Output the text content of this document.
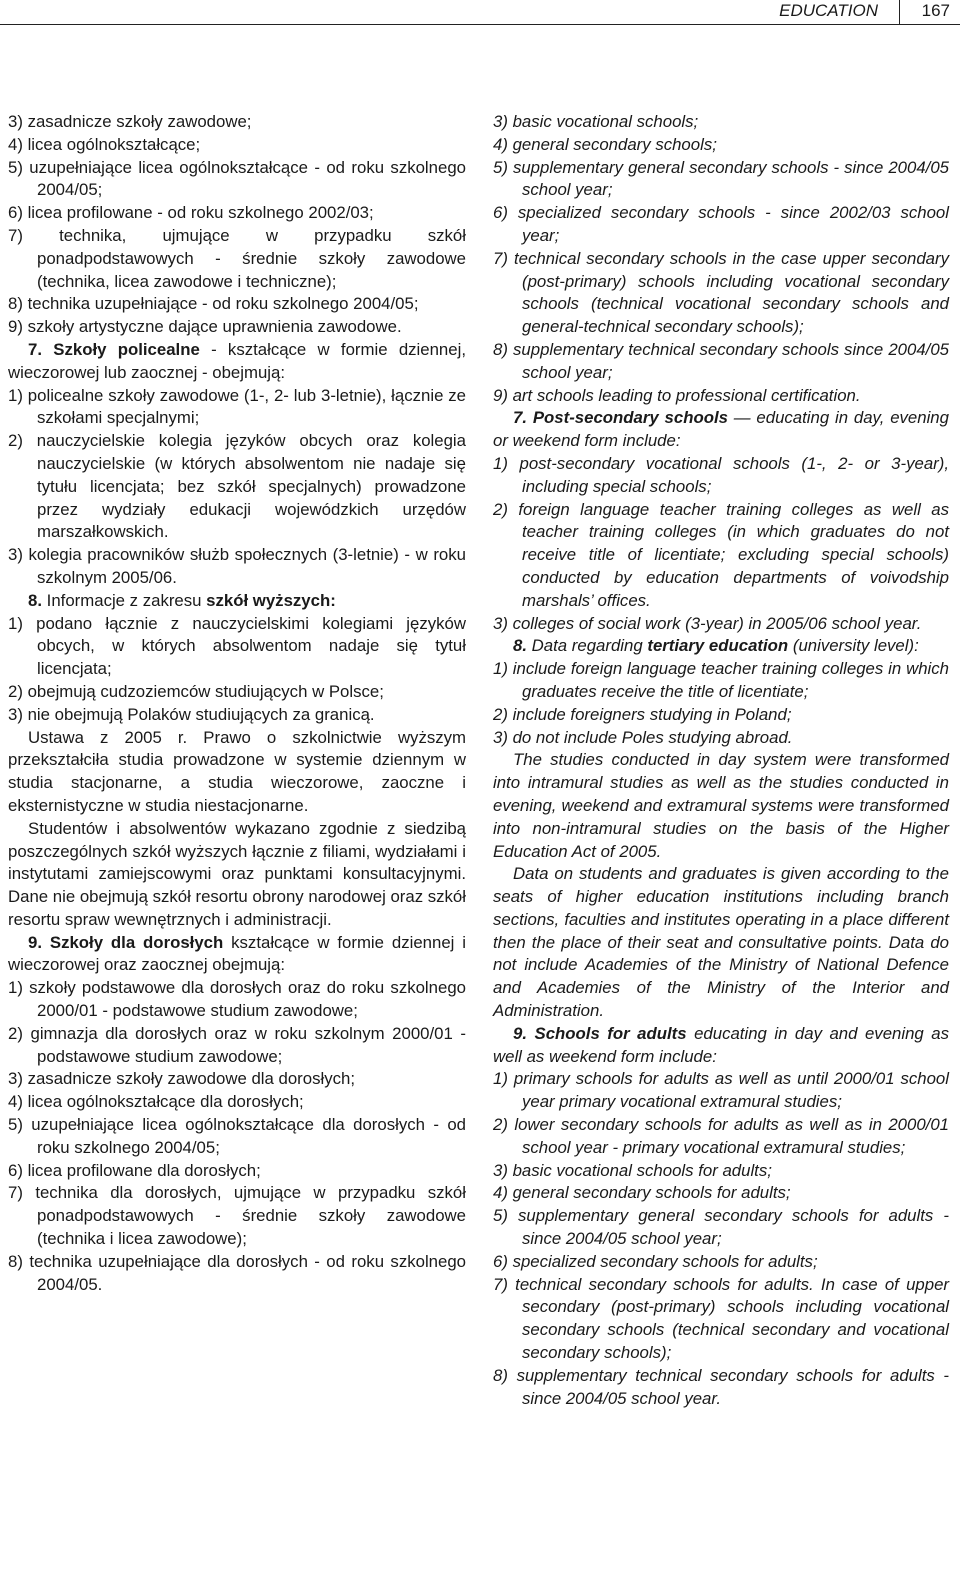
EDUCATION	167

3) zasadnicze szkoły zawodowe;

4) licea ogólnokształcące;

5) uzupełniające licea ogólnokształcące - od roku szkolnego 2004/05;

6) licea profilowane - od roku szkolnego 2002/03;

7) technika, ujmujące w przypadku szkół ponadpodstawowych - średnie szkoły zawodowe (technika, licea zawodowe i techniczne);

8) technika uzupełniające - od roku szkolnego 2004/05;

9) szkoły artystyczne dające uprawnienia zawodowe.

7. Szkoły policealne - kształcące w formie dziennej, wieczorowej lub zaocznej - obejmują:

1) policealne szkoły zawodowe (1-, 2- lub 3-letnie), łącznie ze szkołami specjalnymi;

2) nauczycielskie kolegia języków obcych oraz kolegia nauczycielskie (w których absolwentom nie nadaje się tytułu licencjata; bez szkół specjalnych) prowadzone przez wydziały edukacji wojewódzkich urzędów marszałkowskich.

3) kolegia pracowników służb społecznych (3-letnie) - w roku szkolnym 2005/06.

8. Informacje z zakresu szkół wyższych:

1) podano łącznie z nauczycielskimi kolegiami języków obcych, w których absolwentom nadaje się tytuł licencjata;

2) obejmują cudzoziemców studiujących w Polsce;

3) nie obejmują Polaków studiujących za granicą.

Ustawa z 2005 r. Prawo o szkolnictwie wyższym przekształciła studia prowadzone w systemie dziennym w studia stacjonarne, a studia wieczorowe, zaoczne i eksternistyczne w studia niestacjonarne.

Studentów i absolwentów wykazano zgodnie z siedzibą poszczególnych szkół wyższych łącznie z filiami, wydziałami i instytutami zamiejscowymi oraz punktami konsultacyjnymi. Dane nie obejmują szkół resortu obrony narodowej oraz szkół resortu spraw wewnętrznych i administracji.

9. Szkoły dla dorosłych kształcące w formie dziennej i wieczorowej oraz zaocznej obejmują:

1) szkoły podstawowe dla dorosłych oraz do roku szkolnego 2000/01 - podstawowe studium zawodowe;

2) gimnazja dla dorosłych oraz w roku szkolnym 2000/01 - podstawowe studium zawodowe;

3) zasadnicze szkoły zawodowe dla dorosłych;

4) licea ogólnokształcące dla dorosłych;

5) uzupełniające licea ogólnokształcące dla dorosłych - od roku szkolnego 2004/05;

6) licea profilowane dla dorosłych;

7) technika dla dorosłych, ujmujące w przypadku szkół ponadpodstawowych - średnie szkoły zawodowe (technika i licea zawodowe);

8) technika uzupełniające dla dorosłych - od roku szkolnego 2004/05.

3) basic vocational schools;

4) general secondary schools;

5) supplementary general secondary schools - since 2004/05 school year;

6) specialized secondary schools - since 2002/03 school year;

7) technical secondary schools in the case upper secondary (post-primary) schools including vocational secondary schools (technical vocational secondary schools and general-technical secondary schools);

8) supplementary technical secondary schools since 2004/05 school year;

9) art schools leading to professional certification.

7. Post-secondary schools — educating in day, evening or weekend form include:

1) post-secondary vocational schools (1-, 2- or 3-year), including special schools;

2) foreign language teacher training colleges as well as teacher training colleges (in which graduates do not receive title of licentiate; excluding special schools) conducted by education departments of voivodship marshals’ offices.

3) colleges of social work (3-year) in 2005/06 school year.

8. Data regarding tertiary education (university level):

1) include foreign language teacher training colleges in which graduates receive the title of licentiate;

2) include foreigners studying in Poland;

3) do not include Poles studying abroad.

The studies conducted in day system were transformed into intramural studies as well as the studies conducted in evening, weekend and extramural systems were transformed into non-intramural studies on the basis of the Higher Education Act of 2005.

Data on students and graduates is given according to the seats of higher education institutions including branch sections, faculties and institutes operating in a place different then the place of their seat and consultative points. Data do not include Academies of the Ministry of National Defence and Academies of the Ministry of the Interior and Administration.

9. Schools for adults educating in day and evening as well as weekend form include:

1) primary schools for adults as well as until 2000/01 school year primary vocational extramural studies;

2) lower secondary schools for adults as well as in 2000/01 school year - primary vocational extramural studies;

3) basic vocational schools for adults;

4) general secondary schools for adults;

5) supplementary general secondary schools for adults - since 2004/05 school year;

6) specialized secondary schools for adults;

7) technical secondary schools for adults. In case of upper secondary (post-primary) schools including vocational secondary schools (technical secondary and vocational secondary schools);

8) supplementary technical secondary schools for adults - since 2004/05 school year.
